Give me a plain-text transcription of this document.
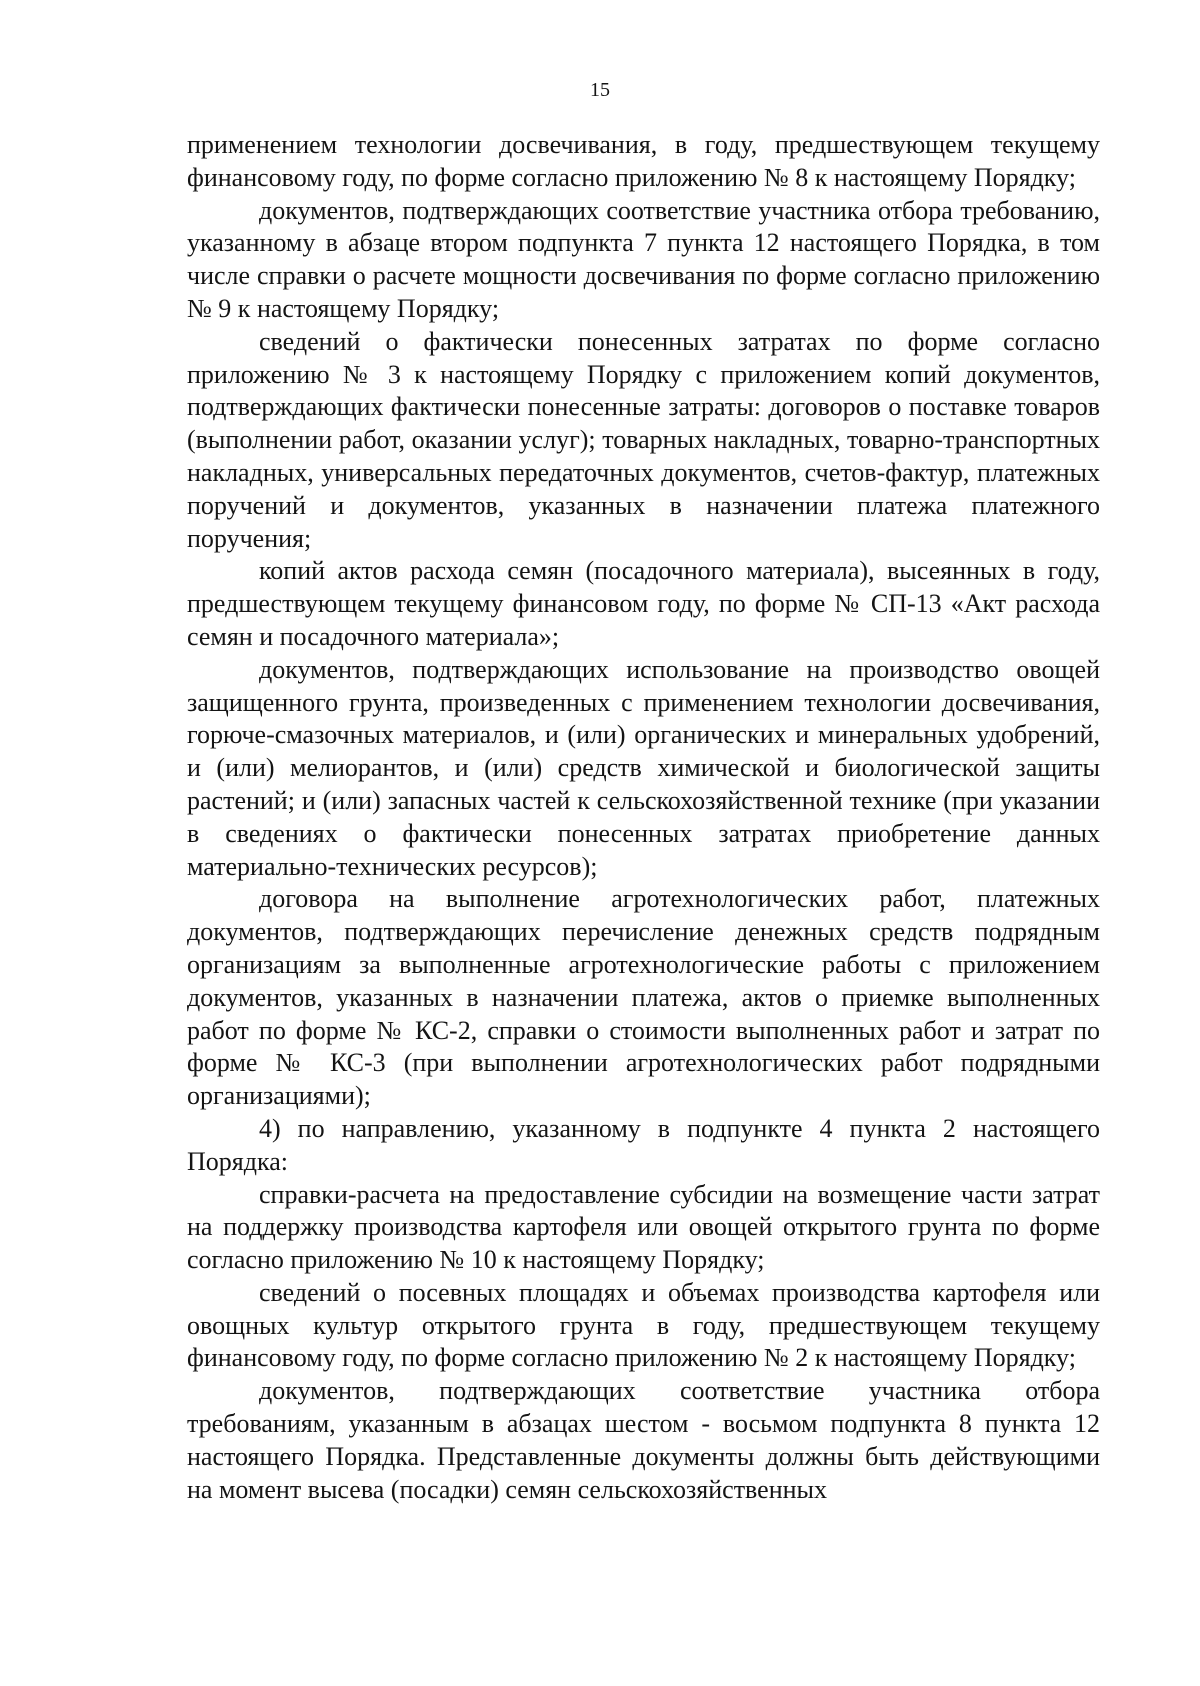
15

применением технологии досвечивания, в году, предшествующем текущему финансовому году, по форме согласно приложению № 8 к настоящему Порядку;

документов, подтверждающих соответствие участника отбора требованию, указанному в абзаце втором подпункта 7 пункта 12 настоящего Порядка, в том числе справки о расчете мощности досвечивания по форме согласно приложению № 9 к настоящему Порядку;

сведений о фактически понесенных затратах по форме согласно приложению № 3 к настоящему Порядку с приложением копий документов, подтверждающих фактически понесенные затраты: договоров о поставке товаров (выполнении работ, оказании услуг); товарных накладных, товарно-транспортных накладных, универсальных передаточных документов, счетов-фактур, платежных поручений и документов, указанных в назначении платежа платежного поручения;

копий актов расхода семян (посадочного материала), высеянных в году, предшествующем текущему финансовом году, по форме № СП-13 «Акт расхода семян и посадочного материала»;

документов, подтверждающих использование на производство овощей защищенного грунта, произведенных с применением технологии досвечивания, горюче-смазочных материалов, и (или) органических и минеральных удобрений, и (или) мелиорантов, и (или) средств химической и биологической защиты растений; и (или) запасных частей к сельскохозяйственной технике (при указании в сведениях о фактически понесенных затратах приобретение данных материально-технических ресурсов);

договора на выполнение агротехнологических работ, платежных документов, подтверждающих перечисление денежных средств подрядным организациям за выполненные агротехнологические работы с приложением документов, указанных в назначении платежа, актов о приемке выполненных работ по форме № КС-2, справки о стоимости выполненных работ и затрат по форме № КС-3 (при выполнении агротехнологических работ подрядными организациями);

4) по направлению, указанному в подпункте 4 пункта 2 настоящего Порядка:

справки-расчета на предоставление субсидии на возмещение части затрат на поддержку производства картофеля или овощей открытого грунта по форме согласно приложению № 10 к настоящему Порядку;

сведений о посевных площадях и объемах производства картофеля или овощных культур открытого грунта в году, предшествующем текущему финансовому году, по форме согласно приложению № 2 к настоящему Порядку;

документов, подтверждающих соответствие участника отбора требованиям, указанным в абзацах шестом - восьмом подпункта 8 пункта 12 настоящего Порядка. Представленные документы должны быть действующими на момент высева (посадки) семян сельскохозяйственных
